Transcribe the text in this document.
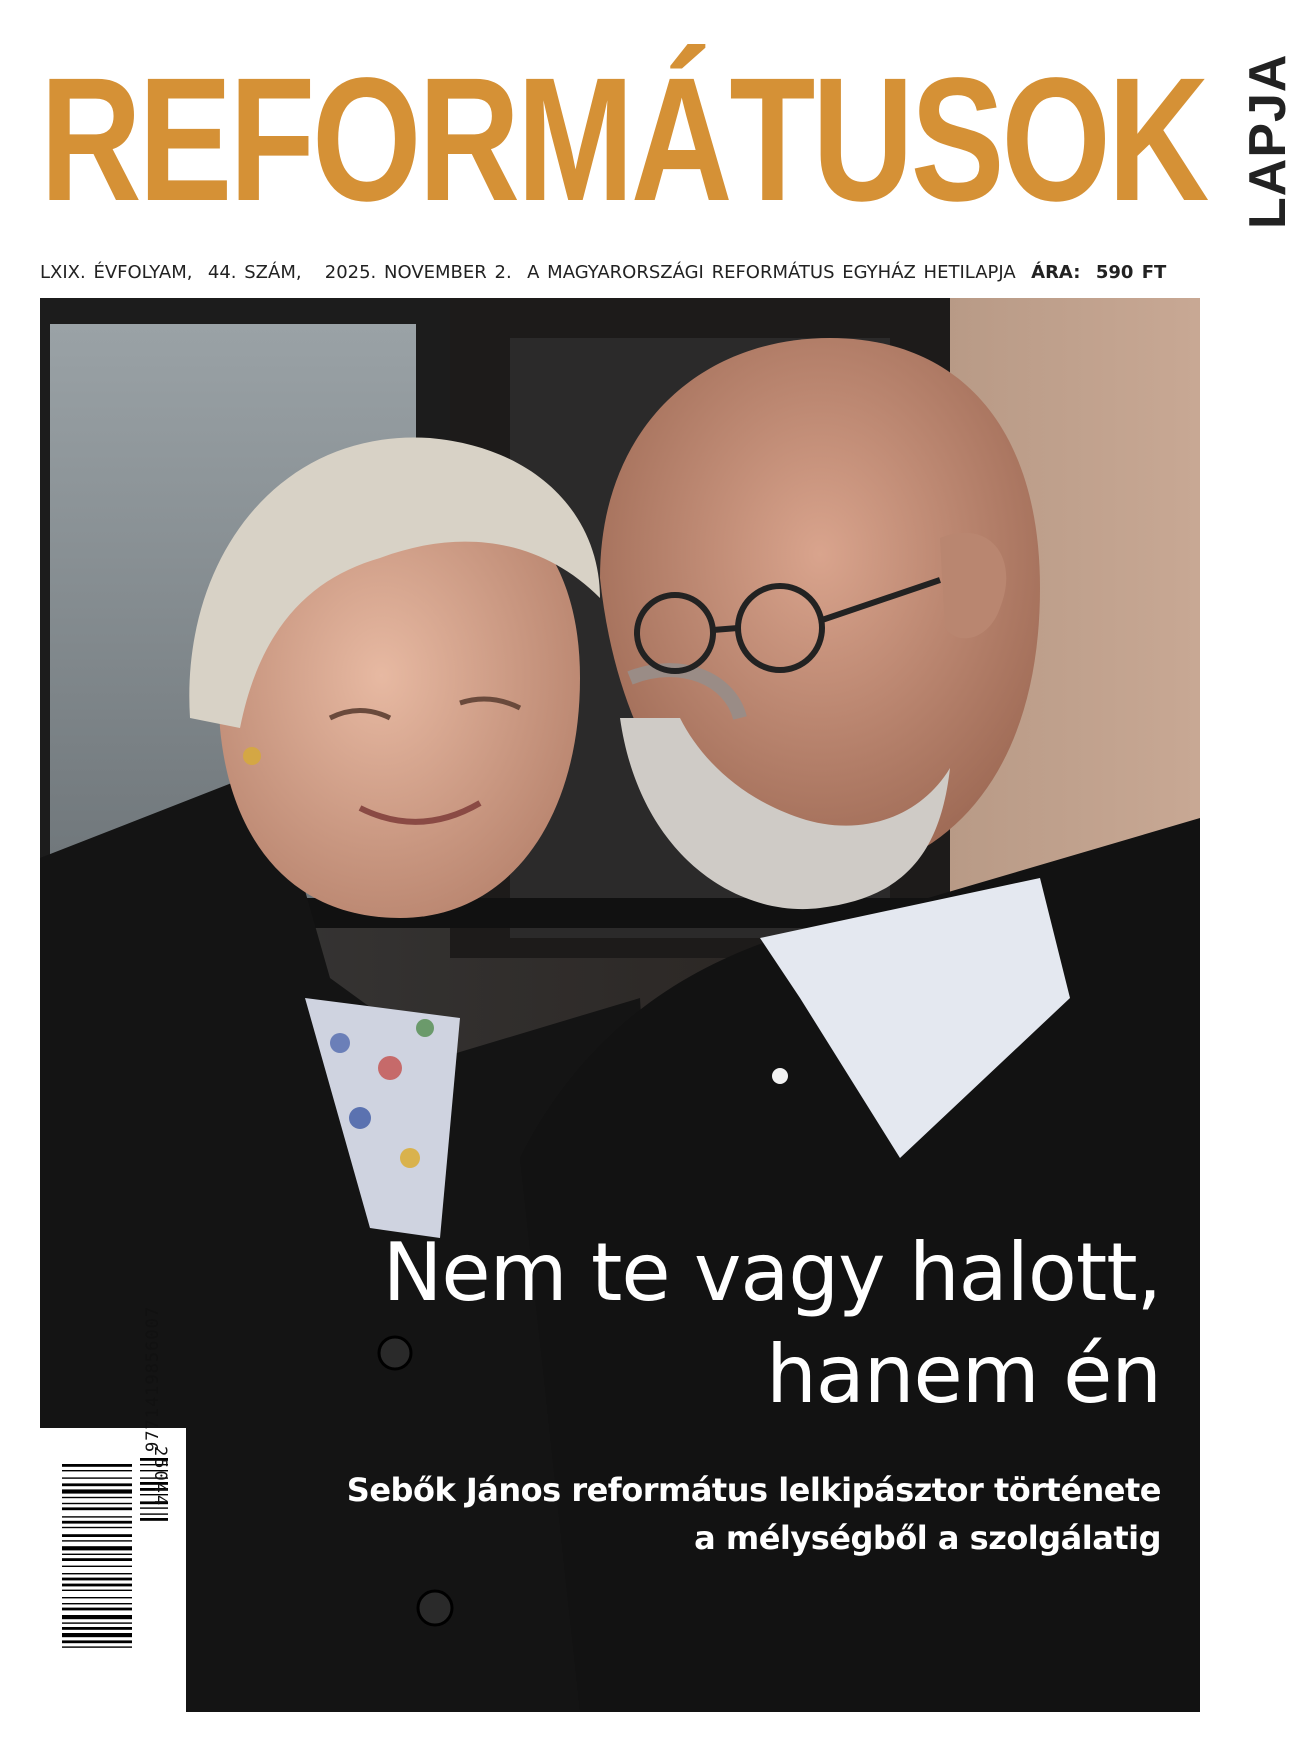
REFORMÁTUSOK LAPJA
LXIX. ÉVFOLYAM, 44. SZÁM, 2025. NOVEMBER 2. A MAGYARORSZÁGI REFORMÁTUS EGYHÁZ HETILAPJA ÁRA: 590 FT
Nem te vagy halott,
hanem én
Sebők János református lelkipásztor története
a mélységből a szolgálatig
9771419856007
25044
